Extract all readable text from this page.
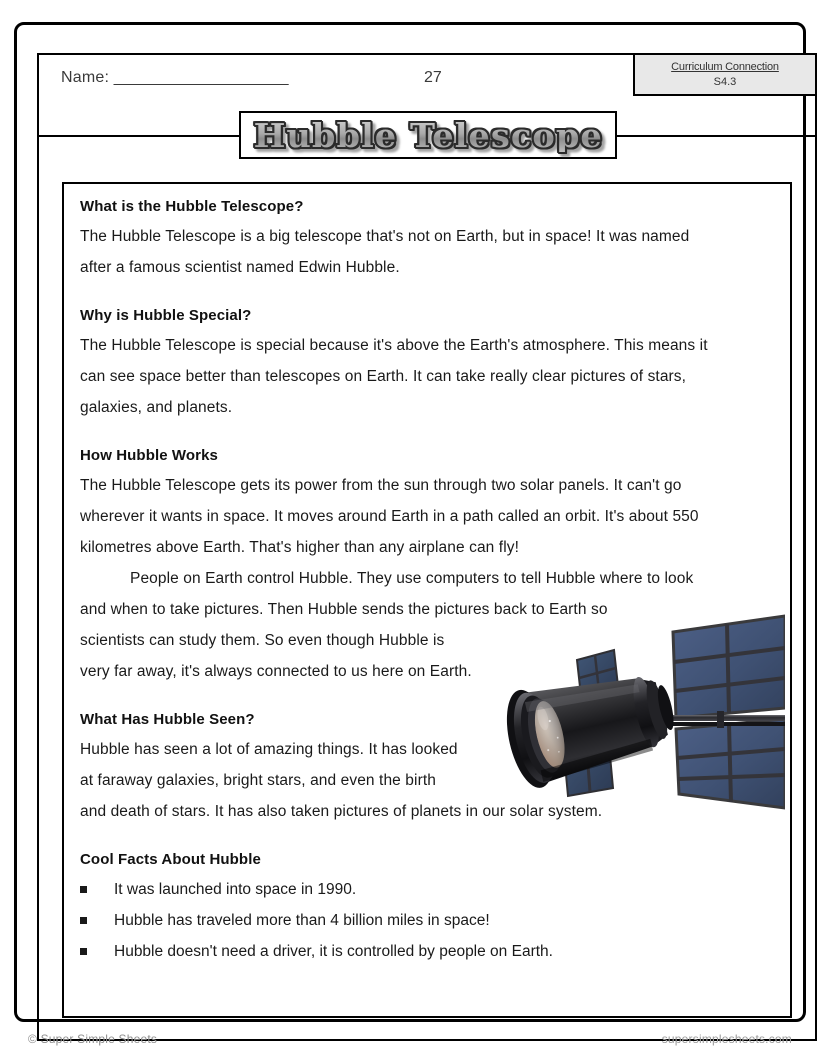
Name: ______________________	27
Curriculum Connection
S4.3
Hubble Telescope
What is the Hubble Telescope?
The Hubble Telescope is a big telescope that's not on Earth, but in space! It was named
after a famous scientist named Edwin Hubble.
Why is Hubble Special?
The Hubble Telescope is special because it's above the Earth's atmosphere. This means it
can see space better than telescopes on Earth. It can take really clear pictures of stars,
galaxies, and planets.
How Hubble Works
The Hubble Telescope gets its power from the sun through two solar panels. It can't go
wherever it wants in space. It moves around Earth in a path called an orbit. It's about 550
kilometres above Earth. That's higher than any airplane can fly!
People on Earth control Hubble. They use computers to tell Hubble where to look
and when to take pictures. Then Hubble sends the pictures back to Earth so
scientists can study them. So even though Hubble is
very far away, it's always connected to us here on Earth.
What Has Hubble Seen?
Hubble has seen a lot of amazing things. It has looked
at faraway galaxies, bright stars, and even the birth
and death of stars. It has also taken pictures of planets in our solar system.
Cool Facts About Hubble
It was launched into space in 1990.
Hubble has traveled more than 4 billion miles in space!
Hubble doesn't need a driver, it is controlled by people on Earth.
© Super Simple Sheets	supersimplesheets.com
